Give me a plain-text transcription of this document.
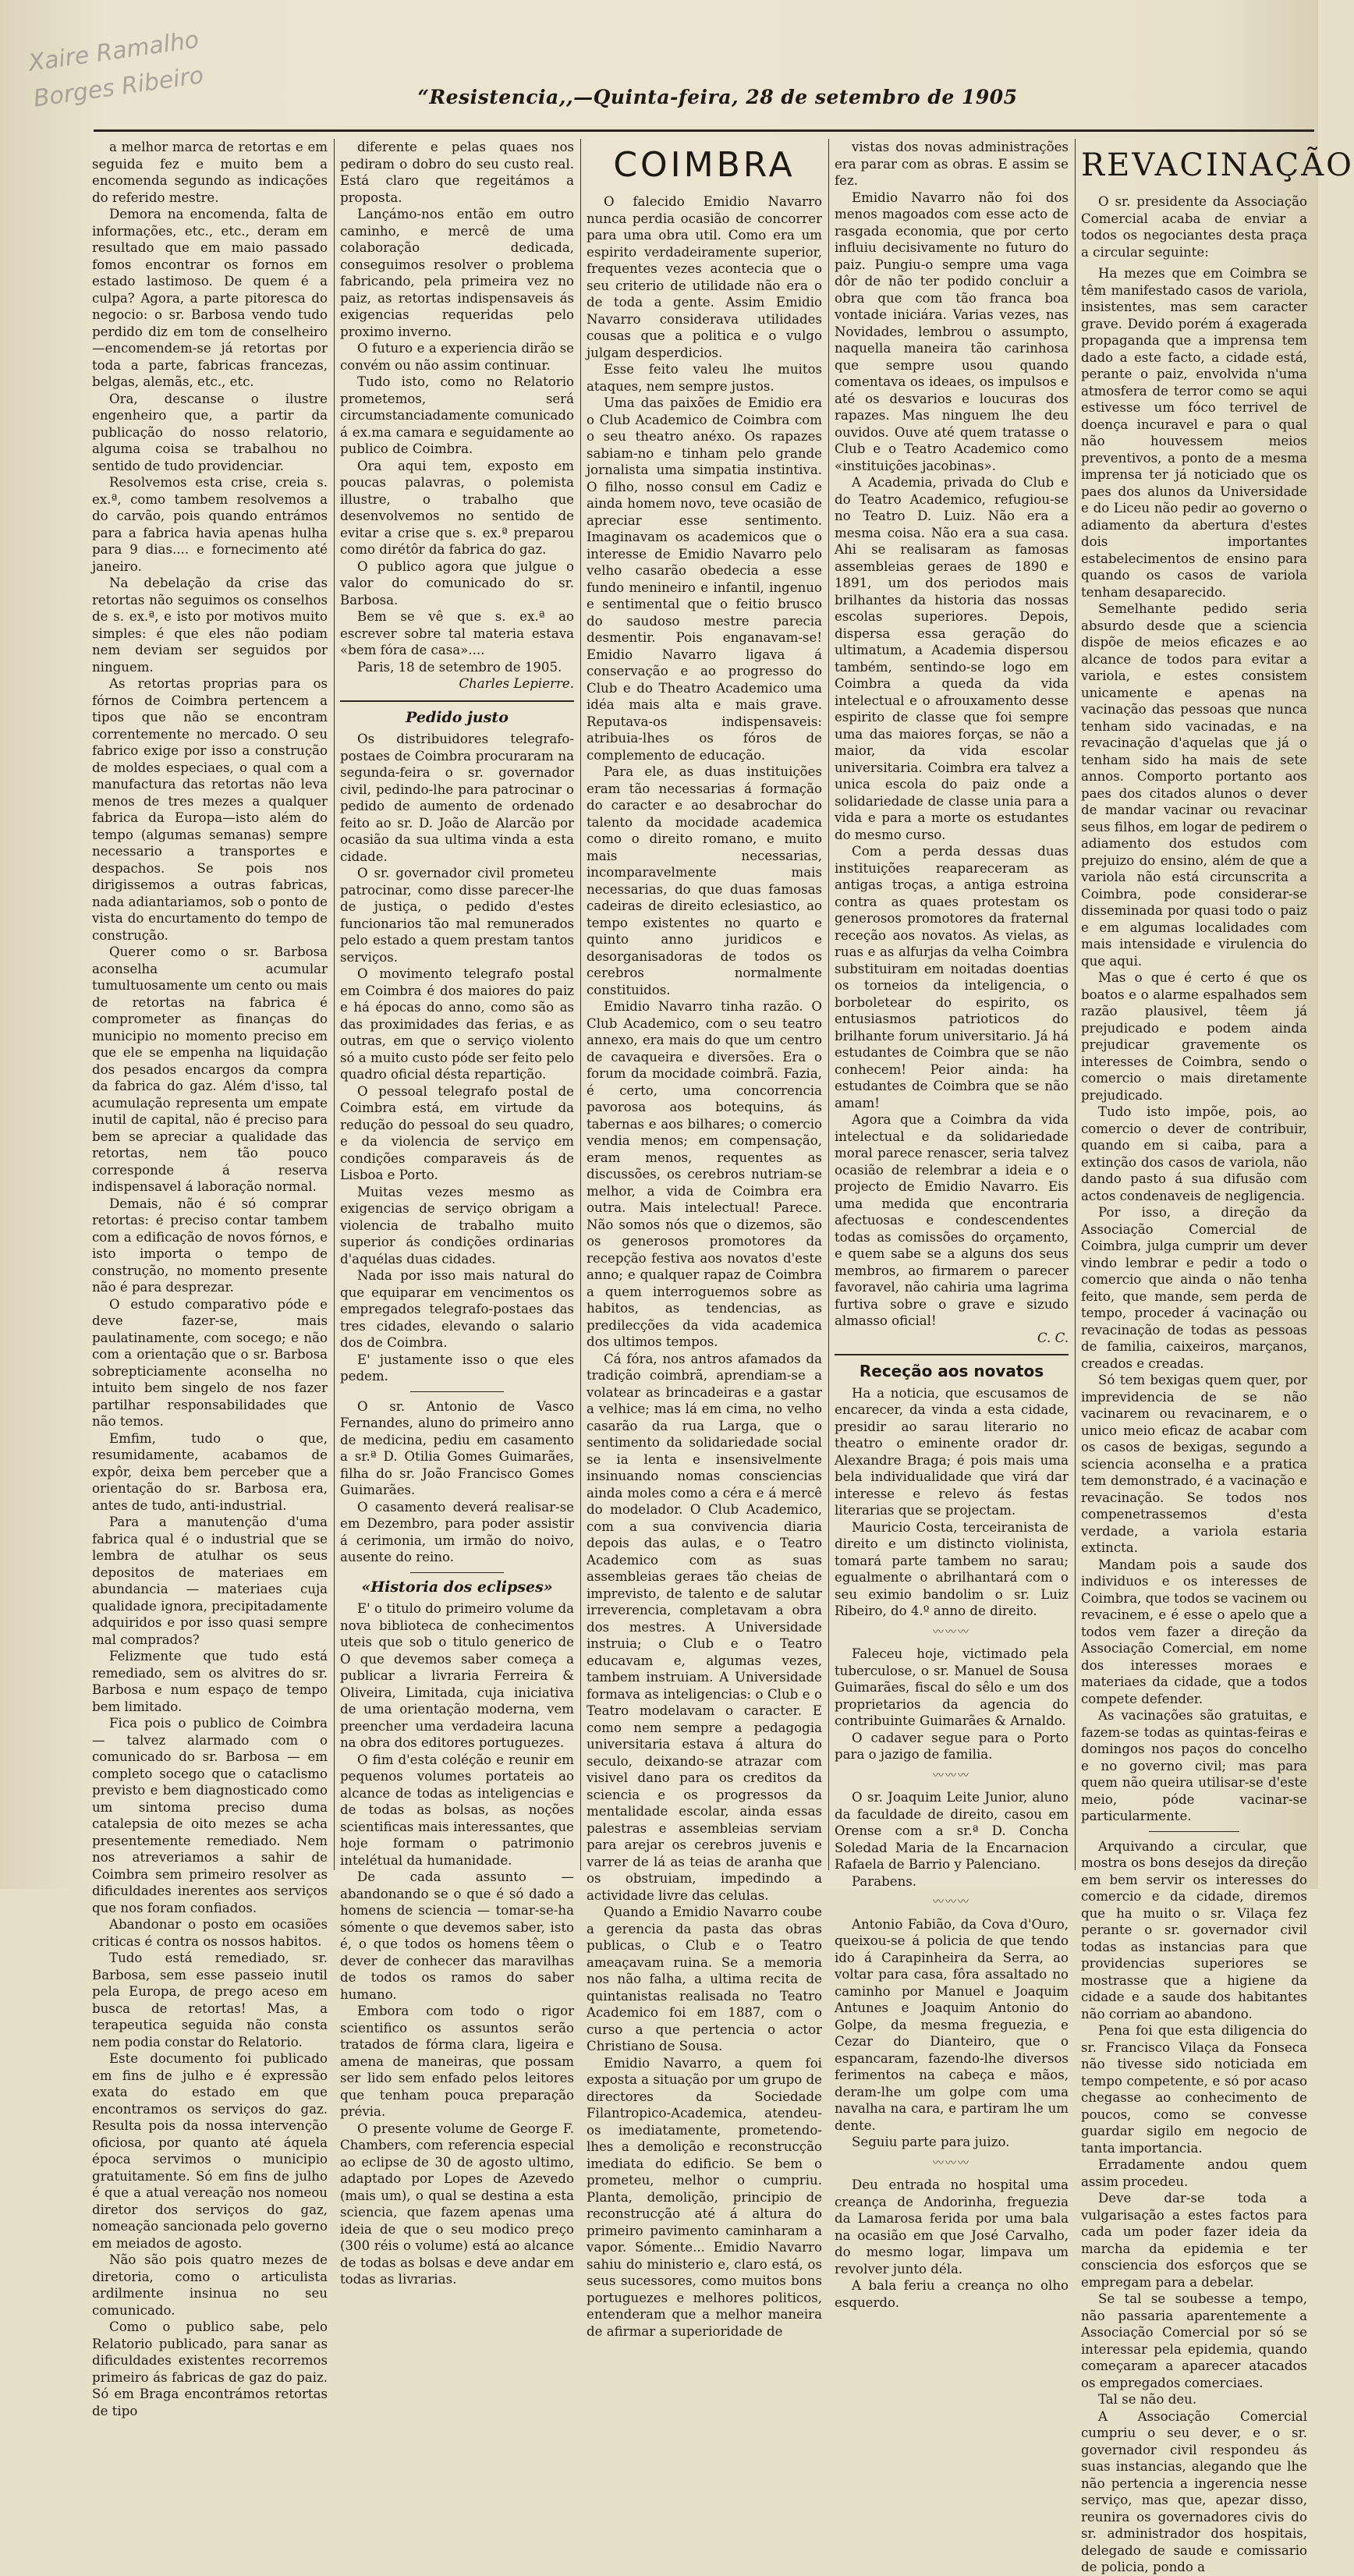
Xaire Ramalho Borges Ribeiro	“Resistencia,,—Quinta-feira, 28 de setembro de 1905

a melhor marca de retortas e em seguida fez e muito bem a encomenda segundo as indicações do referido mestre.

Demora na encomenda, falta de informações, etc., etc., deram em resultado que em maio passado fomos encontrar os fornos em estado lastimoso. De quem é a culpa? Agora, a parte pitoresca do negocio: o sr. Barbosa vendo tudo perdido diz em tom de conselheiro—encomendem-se já retortas por toda a parte, fabricas francezas, belgas, alemãs, etc., etc.

Ora, descanse o ilustre engenheiro que, a partir da publicação do nosso relatorio, alguma coisa se trabalhou no sentido de tudo providenciar.

Resolvemos esta crise, creia s. ex.ª, como tambem resolvemos a do carvão, pois quando entrámos para a fabrica havia apenas hulha para 9 dias.... e fornecimento até janeiro.

Na debelação da crise das retortas não seguimos os conselhos de s. ex.ª, e isto por motivos muito simples: é que eles não podiam nem deviam ser seguidos por ninguem.

As retortas proprias para os fórnos de Coimbra pertencem a tipos que não se encontram correntemente no mercado. O seu fabrico exige por isso a construção de moldes especiaes, o qual com a manufactura das retortas não leva menos de tres mezes a qualquer fabrica da Europa—isto além do tempo (algumas semanas) sempre necessario a transportes e despachos. Se pois nos dirigissemos a outras fabricas, nada adiantariamos, sob o ponto de vista do encurtamento do tempo de construção.

Querer como o sr. Barbosa aconselha acumular tumultuosamente um cento ou mais de retortas na fabrica é comprometer as finanças do municipio no momento preciso em que ele se empenha na liquidação dos pesados encargos da compra da fabrica do gaz. Além d'isso, tal acumulação representa um empate inutil de capital, não é preciso para bem se apreciar a qualidade das retortas, nem tão pouco corresponde á reserva indispensavel á laboração normal.

Demais, não é só comprar retortas: é preciso contar tambem com a edificação de novos fórnos, e isto importa o tempo de construção, no momento presente não é para desprezar.

O estudo comparativo póde e deve fazer-se, mais paulatinamente, com socego; e não com a orientação que o sr. Barbosa sobrepticiamente aconselha no intuito bem singelo de nos fazer partilhar responsabilidades que não temos.

Emfim, tudo o que, resumidamente, acabamos de expôr, deixa bem perceber que a orientação do sr. Barbosa era, antes de tudo, anti-industrial.

Para a manutenção d'uma fabrica qual é o industrial que se lembra de atulhar os seus depositos de materiaes em abundancia — materiaes cuja qualidade ignora, precipitadamente adquiridos e por isso quasi sempre mal comprados?

Felizmente que tudo está remediado, sem os alvitres do sr. Barbosa e num espaço de tempo bem limitado.

Fica pois o publico de Coimbra — talvez alarmado com o comunicado do sr. Barbosa — em completo socego que o cataclismo previsto e bem diagnosticado como um sintoma preciso duma catalepsia de oito mezes se acha presentemente remediado. Nem nos atreveriamos a sahir de Coimbra sem primeiro resolver as dificuldades inerentes aos serviços que nos foram confiados.

Abandonar o posto em ocasiões criticas é contra os nossos habitos.

Tudo está remediado, sr. Barbosa, sem esse passeio inutil pela Europa, de prego aceso em busca de retortas! Mas, a terapeutica seguida não consta nem podia constar do Relatorio.

Este documento foi publicado em fins de julho e é expressão exata do estado em que encontramos os serviços do gaz. Resulta pois da nossa intervenção oficiosa, por quanto até áquela época servimos o municipio gratuitamente. Só em fins de julho é que a atual vereação nos nomeou diretor dos serviços do gaz, nomeação sancionada pelo governo em meiados de agosto.

Não são pois quatro mezes de diretoria, como o articulista ardilmente insinua no seu comunicado.

Como o publico sabe, pelo Relatorio publicado, para sanar as dificuldades existentes recorremos primeiro ás fabricas de gaz do paiz. Só em Braga encontrámos retortas de tipo

diferente e pelas quaes nos pediram o dobro do seu custo real. Está claro que regeitámos a proposta.

Lançámo-nos então em outro caminho, e mercê de uma colaboração dedicada, conseguimos resolver o problema fabricando, pela primeira vez no paiz, as retortas indispensaveis ás exigencias requeridas pelo proximo inverno.

O futuro e a experiencia dirão se convém ou não assim continuar.

Tudo isto, como no Relatorio prometemos, será circumstanciadamente comunicado á ex.ma camara e seguidamente ao publico de Coimbra.

Ora aqui tem, exposto em poucas palavras, o polemista illustre, o trabalho que desenvolvemos no sentido de evitar a crise que s. ex.ª preparou como dirétôr da fabrica do gaz.

O publico agora que julgue o valor do comunicado do sr. Barbosa.

Bem se vê que s. ex.ª ao escrever sobre tal materia estava «bem fóra de casa»....

Paris, 18 de setembro de 1905.

Charles Lepierre.

Pedido justo

Os distribuidores telegrafo-postaes de Coimbra procuraram na segunda-feira o sr. governador civil, pedindo-lhe para patrocinar o pedido de aumento de ordenado feito ao sr. D. João de Alarcão por ocasião da sua ultima vinda a esta cidade.

O sr. governador civil prometeu patrocinar, como disse parecer-lhe de justiça, o pedido d'estes funcionarios tão mal remunerados pelo estado a quem prestam tantos serviços.

O movimento telegrafo postal em Coimbra é dos maiores do paiz e há épocas do anno, como são as das proximidades das ferias, e as outras, em que o serviço violento só a muito custo póde ser feito pelo quadro oficial désta repartição.

O pessoal telegrafo postal de Coimbra está, em virtude da redução do pessoal do seu quadro, e da violencia de serviço em condições comparaveis ás de Lisboa e Porto.

Muitas vezes mesmo as exigencias de serviço obrigam a violencia de trabalho muito superior ás condições ordinarias d'aquélas duas cidades.

Nada por isso mais natural do que equiparar em vencimentos os empregados telegrafo-postaes das tres cidades, elevando o salario dos de Coimbra.

E' justamente isso o que eles pedem.

O sr. Antonio de Vasco Fernandes, aluno do primeiro anno de medicina, pediu em casamento a sr.ª D. Otilia Gomes Guimarães, filha do sr. João Francisco Gomes Guimarães.

O casamento deverá realisar-se em Dezembro, para poder assistir á cerimonia, um irmão do noivo, ausente do reino.

«Historia dos eclipses»

E' o titulo do primeiro volume da nova biblioteca de conhecimentos uteis que sob o titulo generico de O que devemos saber começa a publicar a livraria Ferreira & Oliveira, Limitada, cuja iniciativa de uma orientação moderna, vem preencher uma verdadeira lacuna na obra dos editores portuguezes.

O fim d'esta coléção e reunir em pequenos volumes portateis ao alcance de todas as inteligencias e de todas as bolsas, as noções scientificas mais interessantes, que hoje formam o patrimonio intelétual da humanidade.

De cada assunto — abandonando se o que é só dado a homens de sciencia — tomar-se-ha sómente o que devemos saber, isto é, o que todos os homens têem o dever de conhecer das maravilhas de todos os ramos do saber humano.

Embora com todo o rigor scientifico os assuntos serão tratados de fórma clara, ligeira e amena de maneiras, que possam ser lido sem enfado pelos leitores que tenham pouca preparação prévia.

O presente volume de George F. Chambers, com referencia especial ao eclipse de 30 de agosto ultimo, adaptado por Lopes de Azevedo (mais um), o qual se destina a esta sciencia, que fazem apenas uma ideia de que o seu modico preço (300 réis o volume) está ao alcance de todas as bolsas e deve andar em todas as livrarias.

COIMBRA

O falecido Emidio Navarro nunca perdia ocasião de concorrer para uma obra util. Como era um espirito verdadeiramente superior, frequentes vezes acontecia que o seu criterio de utilidade não era o de toda a gente. Assim Emidio Navarro considerava utilidades cousas que a politica e o vulgo julgam desperdicios.

Esse feito valeu lhe muitos ataques, nem sempre justos.

Uma das paixões de Emidio era o Club Academico de Coimbra com o seu theatro anéxo. Os rapazes sabiam-no e tinham pelo grande jornalista uma simpatia instintiva. O filho, nosso consul em Cadiz e ainda homem novo, teve ocasião de apreciar esse sentimento. Imaginavam os academicos que o interesse de Emidio Navarro pelo velho casarão obedecia a esse fundo menineiro e infantil, ingenuo e sentimental que o feitio brusco do saudoso mestre parecia desmentir. Pois enganavam-se! Emidio Navarro ligava á conservação e ao progresso do Club e do Theatro Academico uma idéa mais alta e mais grave. Reputava-os indispensaveis: atribuia-lhes os fóros de complemento de educação.

Para ele, as duas instituições eram tão necessarias á formação do caracter e ao desabrochar do talento da mocidade academica como o direito romano, e muito mais necessarias, incomparavelmente mais necessarias, do que duas famosas cadeiras de direito eclesiastico, ao tempo existentes no quarto e quinto anno juridicos e desorganisadoras de todos os cerebros normalmente constituidos.

Emidio Navarro tinha razão. O Club Academico, com o seu teatro annexo, era mais do que um centro de cavaqueira e diversões. Era o forum da mocidade coimbrã. Fazia, é certo, uma concorrencia pavorosa aos botequins, ás tabernas e aos bilhares; o comercio vendia menos; em compensação, eram menos, requentes as discussões, os cerebros nutriam-se melhor, a vida de Coimbra era outra. Mais intelectual! Parece. Não somos nós que o dizemos, são os generosos promotores da recepção festiva aos novatos d'este anno; e qualquer rapaz de Coimbra a quem interroguemos sobre as habitos, as tendencias, as predilecções da vida academica dos ultimos tempos.

Cá fóra, nos antros afamados da tradição coimbrã, aprendiam-se a volatear as brincadeiras e a gastar a velhice; mas lá em cima, no velho casarão da rua Larga, que o sentimento da solidariedade social se ia lenta e insensivelmente insinuando nomas consciencias ainda moles como a céra e á mercê do modelador. O Club Academico, com a sua convivencia diaria depois das aulas, e o Teatro Academico com as suas assembleias geraes tão cheias de imprevisto, de talento e de salutar irreverencia, completavam a obra dos mestres. A Universidade instruia; o Club e o Teatro educavam e, algumas vezes, tambem instruiam. A Universidade formava as inteligencias: o Club e o Teatro modelavam o caracter. E como nem sempre a pedagogia universitaria estava á altura do seculo, deixando-se atrazar com visivel dano para os creditos da sciencia e os progressos da mentalidade escolar, ainda essas palestras e assembleias serviam para arejar os cerebros juvenis e varrer de lá as teias de aranha que os obstruiam, impedindo a actividade livre das celulas.

Quando a Emidio Navarro coube a gerencia da pasta das obras publicas, o Club e o Teatro ameaçavam ruina. Se a memoria nos não falha, a ultima recita de quintanistas realisada no Teatro Academico foi em 1887, com o curso a que pertencia o actor Christiano de Sousa.

Emidio Navarro, a quem foi exposta a situação por um grupo de directores da Sociedade Filantropico-Academica, atendeu-os imediatamente, prometendo-lhes a demolição e reconstrucção imediata do edificio. Se bem o prometeu, melhor o cumpriu. Planta, demolição, principio de reconstrucção até á altura do primeiro pavimento caminharam a vapor. Sómente... Emidio Navarro sahiu do ministerio e, claro está, os seus sucessores, como muitos bons portuguezes e melhores politicos, entenderam que a melhor maneira de afirmar a superioridade de

vistas dos novas administrações era parar com as obras. E assim se fez.

Emidio Navarro não foi dos menos magoados com esse acto de rasgada economia, que por certo influiu decisivamente no futuro do paiz. Pungiu-o sempre uma vaga dôr de não ter podido concluir a obra que com tão franca boa vontade iniciára. Varias vezes, nas Novidades, lembrou o assumpto, naquella maneira tão carinhosa que sempre usou quando comentava os ideaes, os impulsos e até os desvarios e loucuras dos rapazes. Mas ninguem lhe deu ouvidos. Ouve até quem tratasse o Club e o Teatro Academico como «instituições jacobinas».

A Academia, privada do Club e do Teatro Academico, refugiou-se no Teatro D. Luiz. Não era a mesma coisa. Não era a sua casa. Ahi se realisaram as famosas assembleias geraes de 1890 e 1891, um dos periodos mais brilhantes da historia das nossas escolas superiores. Depois, dispersa essa geração do ultimatum, a Academia dispersou também, sentindo-se logo em Coimbra a queda da vida intelectual e o afrouxamento desse espirito de classe que foi sempre uma das maiores forças, se não a maior, da vida escolar universitaria. Coimbra era talvez a unica escola do paiz onde a solidariedade de classe unia para a vida e para a morte os estudantes do mesmo curso.

Com a perda dessas duas instituições reapareceram as antigas troças, a antiga estroina contra as quaes protestam os generosos promotores da fraternal receção aos novatos. As vielas, as ruas e as alfurjas da velha Coimbra substituiram em noitadas doentias os torneios da inteligencia, o borboletear do espirito, os entusiasmos patrioticos do brilhante forum universitario. Já há estudantes de Coimbra que se não conhecem! Peior ainda: ha estudantes de Coimbra que se não amam!

Agora que a Coimbra da vida intelectual e da solidariedade moral parece renascer, seria talvez ocasião de relembrar a ideia e o projecto de Emidio Navarro. Eis uma medida que encontraria afectuosas e condescendentes todas as comissões do orçamento, e quem sabe se a alguns dos seus membros, ao firmarem o parecer favoravel, não cahiria uma lagrima furtiva sobre o grave e sizudo almasso oficial!

C. C.

Receção aos novatos

Ha a noticia, que escusamos de encarecer, da vinda a esta cidade, presidir ao sarau literario no theatro o eminente orador dr. Alexandre Braga; é pois mais uma bela individualidade que virá dar interesse e relevo ás festas literarias que se projectam.

Mauricio Costa, terceiranista de direito e um distincto violinista, tomará parte tambem no sarau; egualmente o abrilhantará com o seu eximio bandolim o sr. Luiz Ribeiro, do 4.º anno de direito.

〰〰〰

Faleceu hoje, victimado pela tuberculose, o sr. Manuel de Sousa Guimarães, fiscal do sêlo e um dos proprietarios da agencia do contribuinte Guimarães & Arnaldo.

O cadaver segue para o Porto para o jazigo de familia.

〰〰〰

O sr. Joaquim Leite Junior, aluno da faculdade de direito, casou em Orense com a sr.ª D. Concha Soledad Maria de la Encarnacion Rafaela de Barrio y Palenciano.

Parabens.

〰〰〰

Antonio Fabião, da Cova d'Ouro, queixou-se á policia de que tendo ido á Carapinheira da Serra, ao voltar para casa, fôra assaltado no caminho por Manuel e Joaquim Antunes e Joaquim Antonio do Golpe, da mesma freguezia, e Cezar do Dianteiro, que o espancaram, fazendo-lhe diversos ferimentos na cabeça e mãos, deram-lhe um golpe com uma navalha na cara, e partiram lhe um dente.

Seguiu parte para juizo.

〰〰〰

Deu entrada no hospital uma creança de Andorinha, freguezia da Lamarosa ferida por uma bala na ocasião em que José Carvalho, do mesmo logar, limpava um revolver junto déla.

A bala feriu a creança no olho esquerdo.

REVACINAÇÃO

O sr. presidente da Associação Comercial acaba de enviar a todos os negociantes desta praça a circular seguinte:

Ha mezes que em Coimbra se têm manifestado casos de variola, insistentes, mas sem caracter grave. Devido porém á exagerada propaganda que a imprensa tem dado a este facto, a cidade está, perante o paiz, envolvida n'uma atmosfera de terror como se aqui estivesse um fóco terrivel de doença incuravel e para o qual não houvessem meios preventivos, a ponto de a mesma imprensa ter já noticiado que os paes dos alunos da Universidade e do Liceu não pedir ao governo o adiamento da abertura d'estes dois importantes estabelecimentos de ensino para quando os casos de variola tenham desaparecido.

Semelhante pedido seria absurdo desde que a sciencia dispõe de meios eficazes e ao alcance de todos para evitar a variola, e estes consistem unicamente e apenas na vacinação das pessoas que nunca tenham sido vacinadas, e na revacinação d'aquelas que já o tenham sido ha mais de sete annos. Comporto portanto aos paes dos citados alunos o dever de mandar vacinar ou revacinar seus filhos, em logar de pedirem o adiamento dos estudos com prejuizo do ensino, além de que a variola não está circunscrita a Coimbra, pode considerar-se disseminada por quasi todo o paiz e em algumas localidades com mais intensidade e virulencia do que aqui.

Mas o que é certo é que os boatos e o alarme espalhados sem razão plausivel, têem já prejudicado e podem ainda prejudicar gravemente os interesses de Coimbra, sendo o comercio o mais diretamente prejudicado.

Tudo isto impõe, pois, ao comercio o dever de contribuir, quando em si caiba, para a extinção dos casos de variola, não dando pasto á sua difusão com actos condenaveis de negligencia.

Por isso, a direção da Associação Comercial de Coimbra, julga cumprir um dever vindo lembrar e pedir a todo o comercio que ainda o não tenha feito, que mande, sem perda de tempo, proceder á vacinação ou revacinação de todas as pessoas de familia, caixeiros, marçanos, creados e creadas.

Só tem bexigas quem quer, por imprevidencia de se não vacinarem ou revacinarem, e o unico meio eficaz de acabar com os casos de bexigas, segundo a sciencia aconselha e a pratica tem demonstrado, é a vacinação e revacinação. Se todos nos compenetrassemos d'esta verdade, a variola estaria extincta.

Mandam pois a saude dos individuos e os interesses de Coimbra, que todos se vacinem ou revacinem, e é esse o apelo que a todos vem fazer a direção da Associação Comercial, em nome dos interesses moraes e materiaes da cidade, que a todos compete defender.

As vacinações são gratuitas, e fazem-se todas as quintas-feiras e domingos nos paços do concelho e no governo civil; mas para quem não queira utilisar-se d'este meio, póde vacinar-se particularmente.

Arquivando a circular, que mostra os bons desejos da direção em bem servir os interesses do comercio e da cidade, diremos que ha muito o sr. Vilaça fez perante o sr. governador civil todas as instancias para que providencias superiores se mostrasse que a higiene da cidade e a saude dos habitantes não corriam ao abandono.

Pena foi que esta diligencia do sr. Francisco Vilaça da Fonseca não tivesse sido noticiada em tempo competente, e só por acaso chegasse ao conhecimento de poucos, como se convesse guardar sigilo em negocio de tanta importancia.

Erradamente andou quem assim procedeu.

Deve dar-se toda a vulgarisação a estes factos para cada um poder fazer ideia da marcha da epidemia e ter consciencia dos esforços que se empregam para a debelar.

Se tal se soubesse a tempo, não passaria aparentemente a Associação Comercial por só se interessar pela epidemia, quando começaram a aparecer atacados os empregados comerciaes.

Tal se não deu.

A Associação Comercial cumpriu o seu dever, e o sr. governador civil respondeu ás suas instancias, alegando que lhe não pertencia a ingerencia nesse serviço, mas que, apezar disso, reunira os governadores civis do sr. administrador dos hospitais, delegado de saude e comissario de policia, pondo a
